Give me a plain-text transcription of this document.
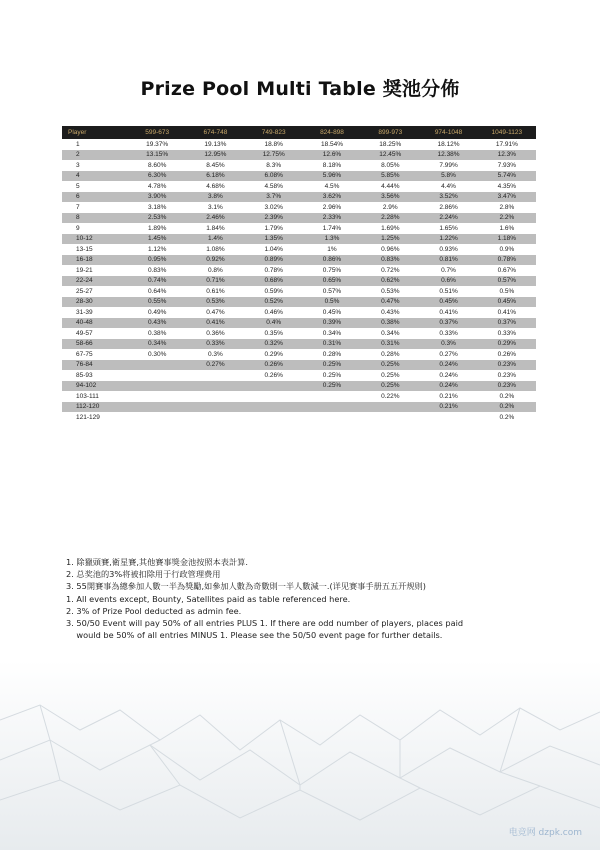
Prize Pool Multi Table 奨池分佈
Player	599-673	674-748	749-823	824-898	899-973	974-1048	1049-1123
1	19.37%	19.13%	18.8%	18.54%	18.25%	18.12%	17.91%
2	13.15%	12.95%	12.75%	12.6%	12.45%	12.38%	12.3%
3	8.60%	8.45%	8.3%	8.18%	8.05%	7.99%	7.93%
4	6.30%	6.18%	6.08%	5.96%	5.85%	5.8%	5.74%
5	4.78%	4.68%	4.58%	4.5%	4.44%	4.4%	4.35%
6	3.90%	3.8%	3.7%	3.62%	3.56%	3.52%	3.47%
7	3.18%	3.1%	3.02%	2.96%	2.9%	2.86%	2.8%
8	2.53%	2.46%	2.39%	2.33%	2.28%	2.24%	2.2%
9	1.89%	1.84%	1.79%	1.74%	1.69%	1.65%	1.6%
10-12	1.45%	1.4%	1.35%	1.3%	1.25%	1.22%	1.18%
13-15	1.12%	1.08%	1.04%	1%	0.96%	0.93%	0.9%
16-18	0.95%	0.92%	0.89%	0.86%	0.83%	0.81%	0.78%
19-21	0.83%	0.8%	0.78%	0.75%	0.72%	0.7%	0.67%
22-24	0.74%	0.71%	0.68%	0.65%	0.62%	0.6%	0.57%
25-27	0.64%	0.61%	0.59%	0.57%	0.53%	0.51%	0.5%
28-30	0.55%	0.53%	0.52%	0.5%	0.47%	0.45%	0.45%
31-39	0.49%	0.47%	0.46%	0.45%	0.43%	0.41%	0.41%
40-48	0.43%	0.41%	0.4%	0.39%	0.38%	0.37%	0.37%
49-57	0.38%	0.36%	0.35%	0.34%	0.34%	0.33%	0.33%
58-66	0.34%	0.33%	0.32%	0.31%	0.31%	0.3%	0.29%
67-75	0.30%	0.3%	0.29%	0.28%	0.28%	0.27%	0.26%
76-84		0.27%	0.26%	0.25%	0.25%	0.24%	0.23%
85-93			0.26%	0.25%	0.25%	0.24%	0.23%
94-102				0.25%	0.25%	0.24%	0.23%
103-111					0.22%	0.21%	0.2%
112-120						0.21%	0.2%
121-129							0.2%
1. 除獵頭賽,衛星賽,其他賽事獎金池按照本表計算.
2. 总奖池的3%将被扣除用于行政管理费用
3. 55開賽事為總參加人數一半為獎勵,如參加人數為奇數則一半人數減一.(详见赛事手册五五开规则)
1. All events except, Bounty, Satellites paid as table referenced here.
2. 3% of Prize Pool deducted as admin fee.
3. 50/50 Event will pay 50% of all entries PLUS 1. If there are odd number of players, places paid
would be 50% of all entries MINUS 1. Please see the 50/50 event page for further details.
电竞网 dzpk.com
